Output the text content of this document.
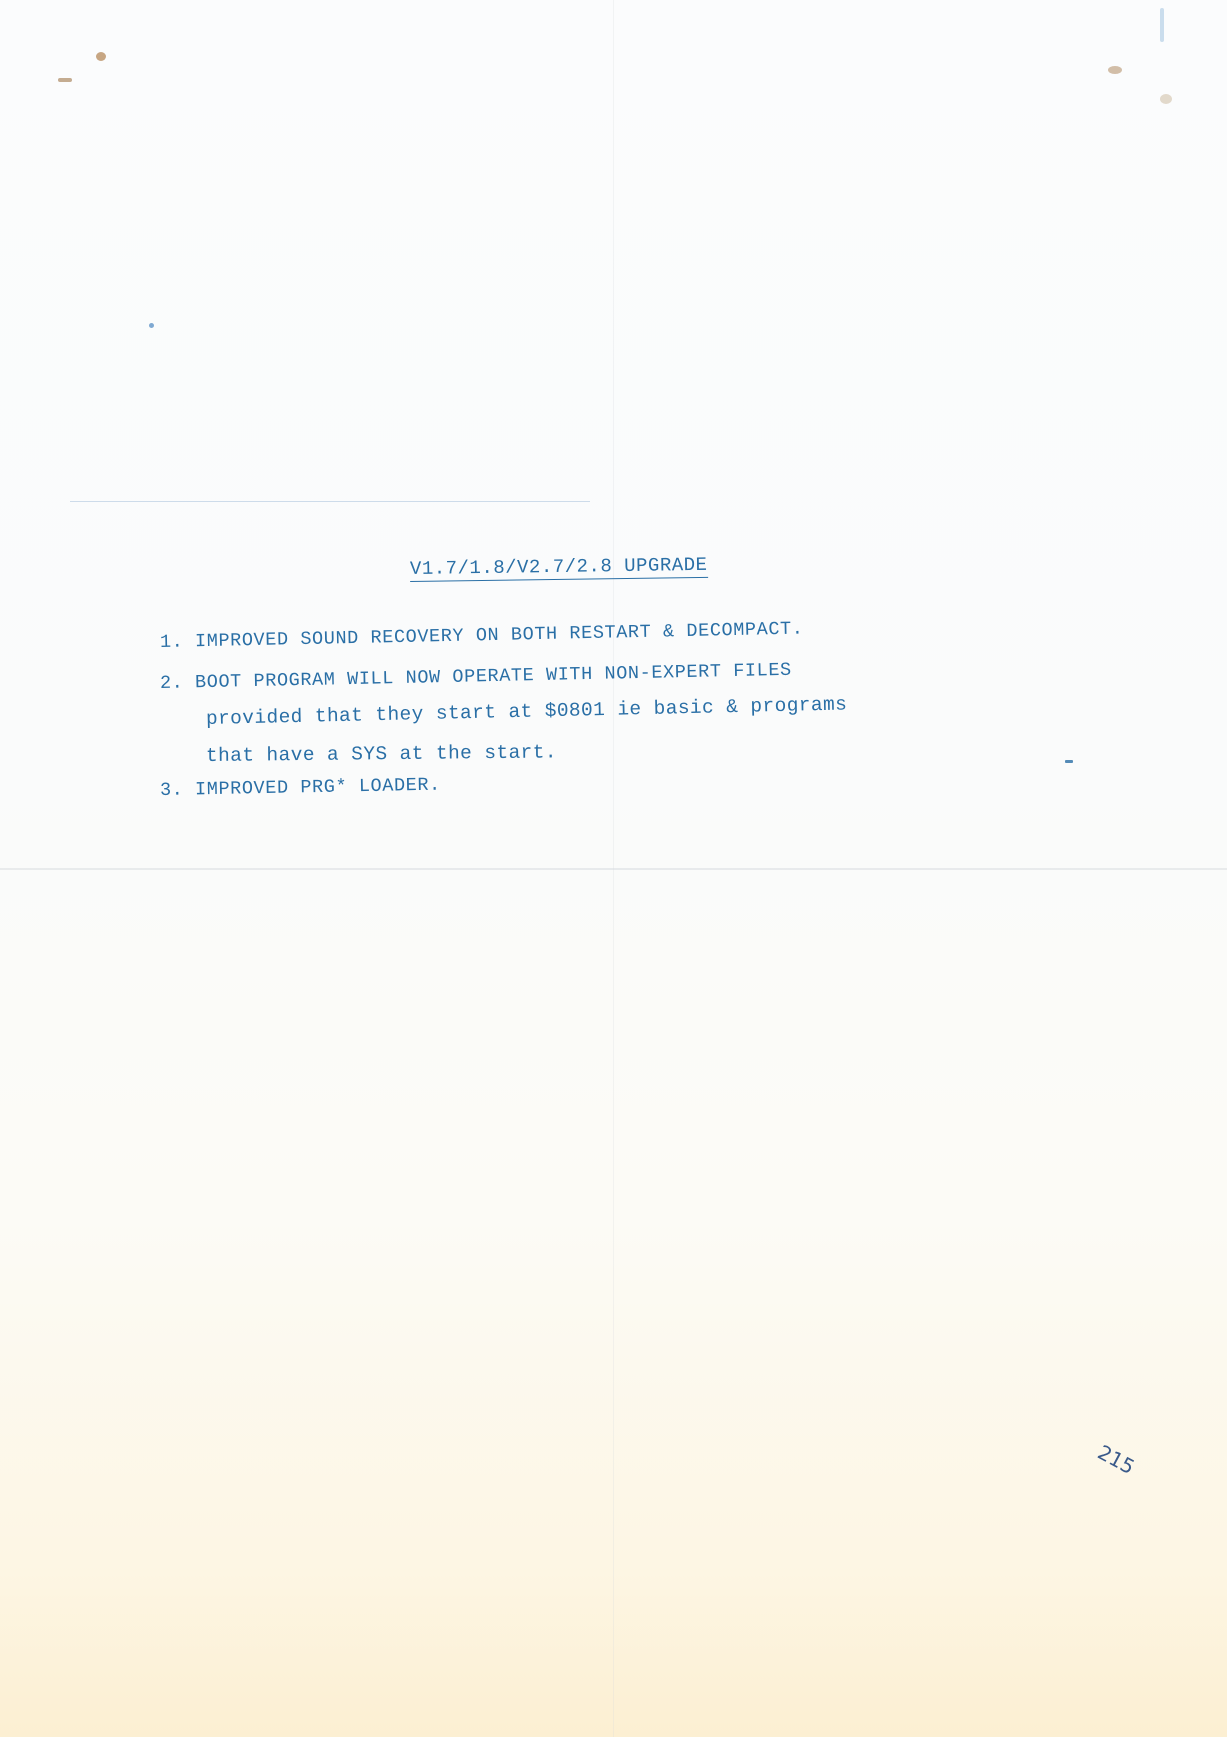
V1.7/1.8/V2.7/2.8 UPGRADE
1. IMPROVED SOUND RECOVERY ON BOTH RESTART & DECOMPACT.
2. BOOT PROGRAM WILL NOW OPERATE WITH NON-EXPERT FILES
provided that they start at $0801 ie basic & programs
that have a SYS at the start.
3. IMPROVED PRG* LOADER.
215
